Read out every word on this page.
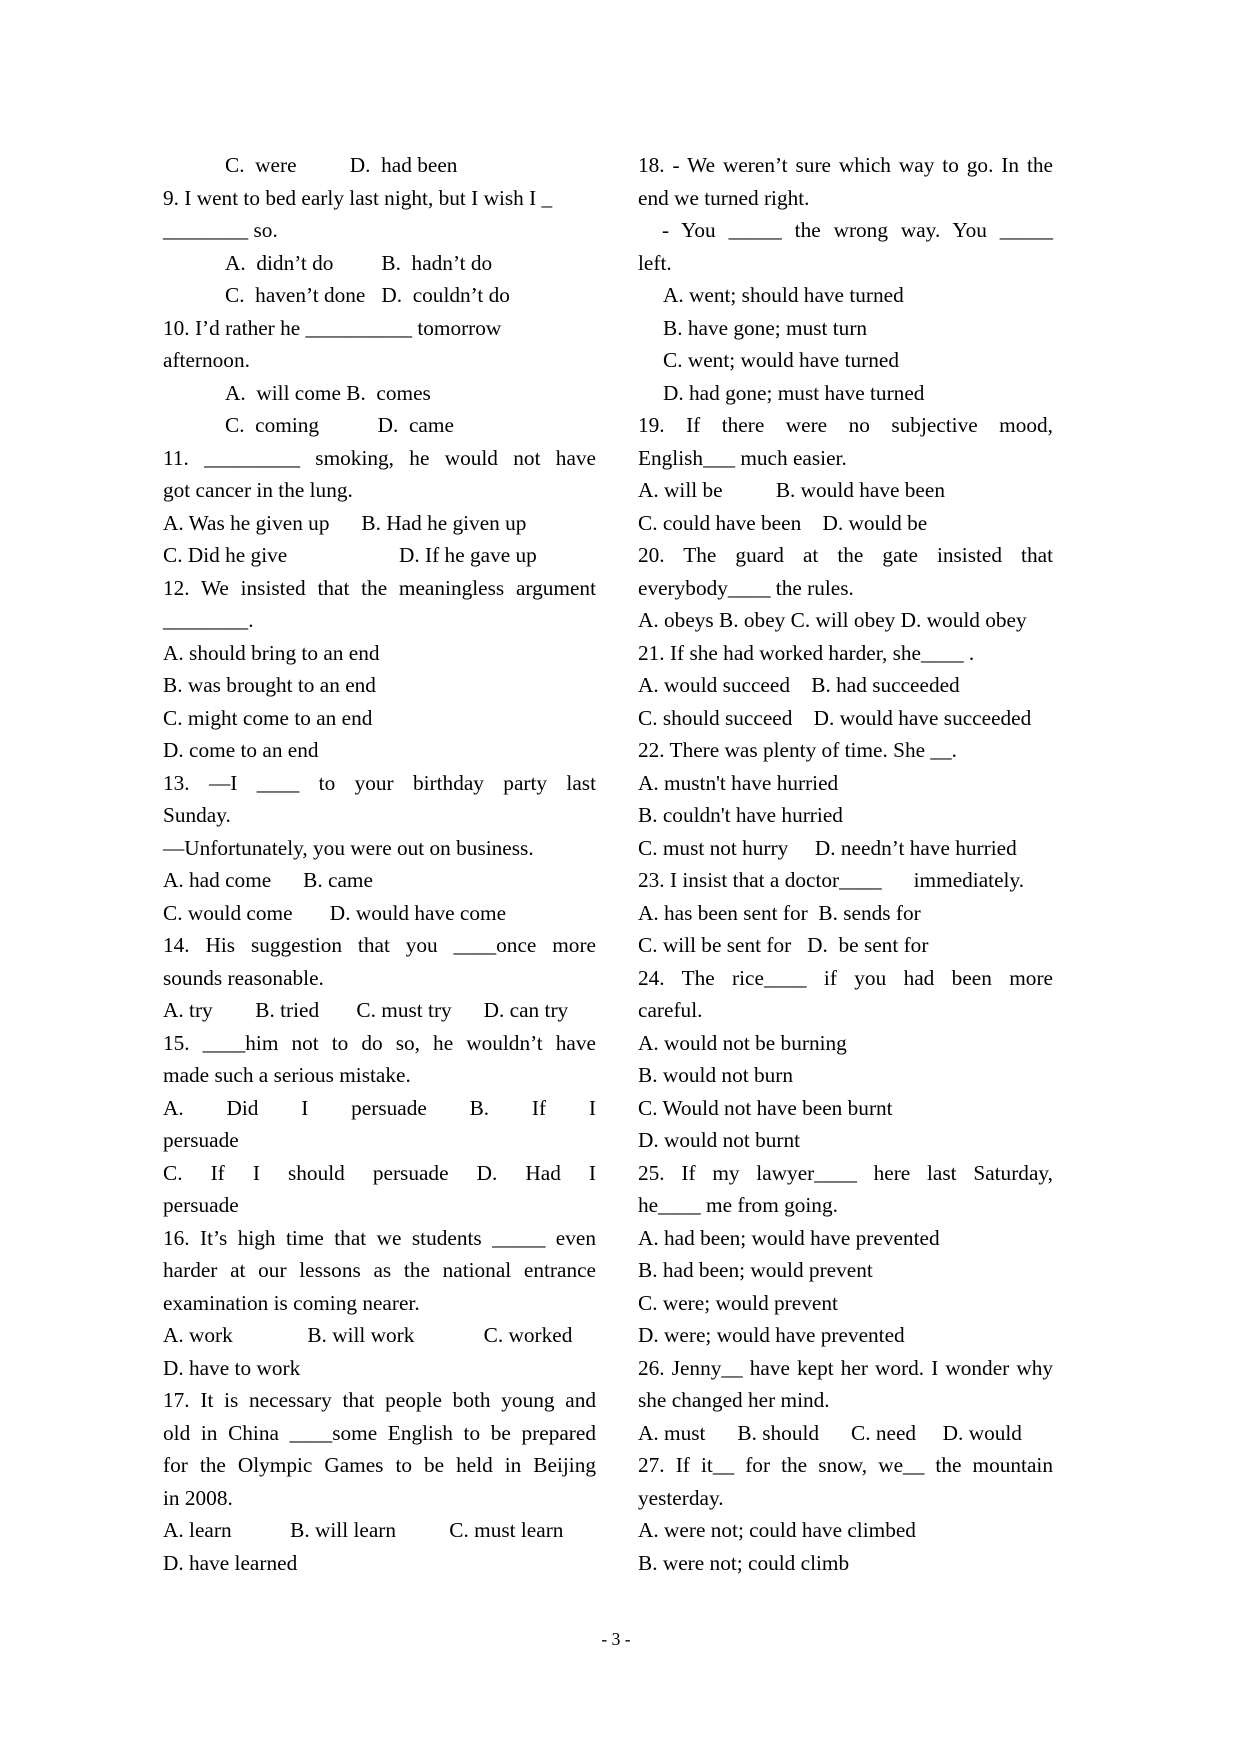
C.  were          D.  had been
9. I went to bed early last night, but I wish I _
________ so.
A.  didn’t do         B.  hadn’t do
C.  haven’t done   D.  couldn’t do
10. I’d rather he __________ tomorrow
afternoon.
A.  will come B.  comes
C.  coming           D.  came
11. _________ smoking, he would not have
got cancer in the lung.
A. Was he given up      B. Had he given up
C. Did he give                     D. If he gave up
12. We insisted that the meaningless argument
________.
A. should bring to an end
B. was brought to an end
C. might come to an end
D. come to an end
13. —I ____ to your birthday party last
Sunday.
—Unfortunately, you were out on business.
A. had come      B. came
C. would come       D. would have come
14. His suggestion that you ____once more
sounds reasonable.
A. try        B. tried       C. must try      D. can try
15. ____him not to do so, he wouldn’t have
made such a serious mistake.
A. Did I persuade B. If I
persuade
C. If I should persuade D. Had I
persuade
16. It’s high time that we students _____ even
harder at our lessons as the national entrance
examination is coming nearer.
A. work              B. will work             C. worked
D. have to work
17. It is necessary that people both young and
old in China ____some English to be prepared
for the Olympic Games to be held in Beijing
in 2008.
A. learn           B. will learn          C. must learn
D. have learned
18. - We weren’t sure which way to go. In the
end we turned right.
- You _____ the wrong way. You _____
left.
A. went; should have turned
B. have gone; must turn
C. went; would have turned
D. had gone; must have turned
19. If there were no subjective mood,
English___ much easier.
A. will be          B. would have been
C. could have been    D. would be
20. The guard at the gate insisted that
everybody____ the rules.
A. obeys B. obey C. will obey D. would obey
21. If she had worked harder, she____ .
A. would succeed    B. had succeeded
C. should succeed    D. would have succeeded
22. There was plenty of time. She __.
A. mustn't have hurried
B. couldn't have hurried
C. must not hurry     D. needn’t have hurried
23. I insist that a doctor____      immediately.
A. has been sent for  B. sends for
C. will be sent for   D.  be sent for
24. The rice____ if you had been more
careful.
A. would not be burning
B. would not burn
C. Would not have been burnt
D. would not burnt
25. If my lawyer____ here last Saturday,
he____ me from going.
A. had been; would have prevented
B. had been; would prevent
C. were; would prevent
D. were; would have prevented
26. Jenny__ have kept her word. I wonder why
she changed her mind.
A. must      B. should      C. need     D. would
27. If it__ for the snow, we__ the mountain
yesterday.
A. were not; could have climbed
B. were not; could climb
- 3 -
